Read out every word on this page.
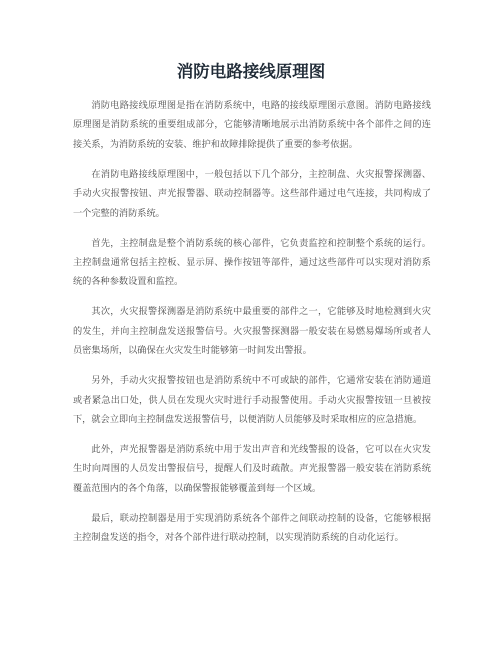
消防电路接线原理图

消防电路接线原理图是指在消防系统中，电路的接线原理图示意图。消防电路接线原理图是消防系统的重要组成部分，它能够清晰地展示出消防系统中各个部件之间的连接关系，为消防系统的安装、维护和故障排除提供了重要的参考依据。

在消防电路接线原理图中，一般包括以下几个部分，主控制盘、火灾报警探测器、手动火灾报警按钮、声光报警器、联动控制器等。这些部件通过电气连接，共同构成了一个完整的消防系统。

首先，主控制盘是整个消防系统的核心部件，它负责监控和控制整个系统的运行。主控制盘通常包括主控板、显示屏、操作按钮等部件，通过这些部件可以实现对消防系统的各种参数设置和监控。

其次，火灾报警探测器是消防系统中最重要的部件之一，它能够及时地检测到火灾的发生，并向主控制盘发送报警信号。火灾报警探测器一般安装在易燃易爆场所或者人员密集场所，以确保在火灾发生时能够第一时间发出警报。

另外，手动火灾报警按钮也是消防系统中不可或缺的部件，它通常安装在消防通道或者紧急出口处，供人员在发现火灾时进行手动报警使用。手动火灾报警按钮一旦被按下，就会立即向主控制盘发送报警信号，以便消防人员能够及时采取相应的应急措施。

此外，声光报警器是消防系统中用于发出声音和光线警报的设备，它可以在火灾发生时向周围的人员发出警报信号，提醒人们及时疏散。声光报警器一般安装在消防系统覆盖范围内的各个角落，以确保警报能够覆盖到每一个区域。

最后，联动控制器是用于实现消防系统各个部件之间联动控制的设备，它能够根据主控制盘发送的指令，对各个部件进行联动控制，以实现消防系统的自动化运行。
